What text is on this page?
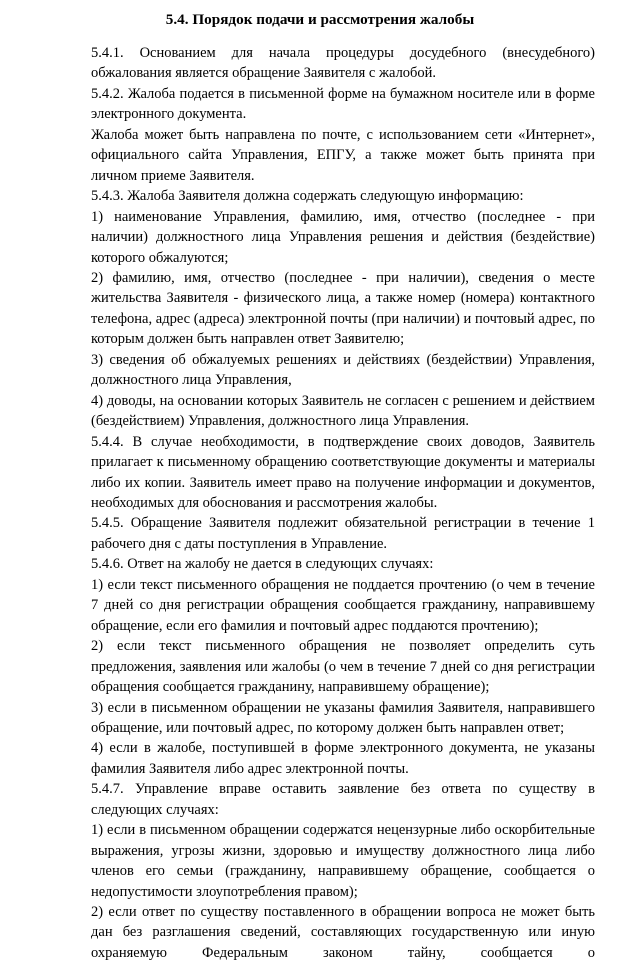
5.4. Порядок подачи и рассмотрения жалобы

5.4.1. Основанием для начала процедуры досудебного (внесудебного) обжалования является обращение Заявителя с жалобой.

5.4.2. Жалоба подается в письменной форме на бумажном носителе или в форме электронного документа.

Жалоба может быть направлена по почте, с использованием сети «Интернет», официального сайта Управления, ЕПГУ, а также может быть принята при личном приеме Заявителя.

5.4.3. Жалоба Заявителя должна содержать следующую информацию:

1) наименование Управления, фамилию, имя, отчество (последнее - при наличии) должностного лица Управления решения и действия (бездействие) которого обжалуются;

2) фамилию, имя, отчество (последнее - при наличии), сведения о месте жительства Заявителя - физического лица, а также номер (номера) контактного телефона, адрес (адреса) электронной почты (при наличии) и почтовый адрес, по которым должен быть направлен ответ Заявителю;

3) сведения об обжалуемых решениях и действиях (бездействии) Управления, должностного лица Управления,

4) доводы, на основании которых Заявитель не согласен с решением и действием (бездействием) Управления, должностного лица Управления.

5.4.4. В случае необходимости, в подтверждение своих доводов, Заявитель прилагает к письменному обращению соответствующие документы и материалы либо их копии. Заявитель имеет право на получение информации и документов, необходимых для обоснования и рассмотрения жалобы.

5.4.5. Обращение Заявителя подлежит обязательной регистрации в течение 1 рабочего дня с даты поступления в Управление.

5.4.6. Ответ на жалобу не дается в следующих случаях:

1) если текст письменного обращения не поддается прочтению (о чем в течение 7 дней со дня регистрации обращения сообщается гражданину, направившему обращение, если его фамилия и почтовый адрес поддаются прочтению);

2) если текст письменного обращения не позволяет определить суть предложения, заявления или жалобы (о чем в течение 7 дней со дня регистрации обращения сообщается гражданину, направившему обращение);

3) если в письменном обращении не указаны фамилия Заявителя, направившего обращение, или почтовый адрес, по которому должен быть направлен ответ;

4) если в жалобе, поступившей в форме электронного документа, не указаны фамилия Заявителя либо адрес электронной почты.

5.4.7. Управление вправе оставить заявление без ответа по существу в следующих случаях:

1) если в письменном обращении содержатся нецензурные либо оскорбительные выражения, угрозы жизни, здоровью и имуществу должностного лица либо членов его семьи (гражданину, направившему обращение, сообщается о недопустимости злоупотребления правом);

2) если ответ по существу поставленного в обращении вопроса не может быть дан без разглашения сведений, составляющих государственную или иную охраняемую Федеральным законом тайну, сообщается о
